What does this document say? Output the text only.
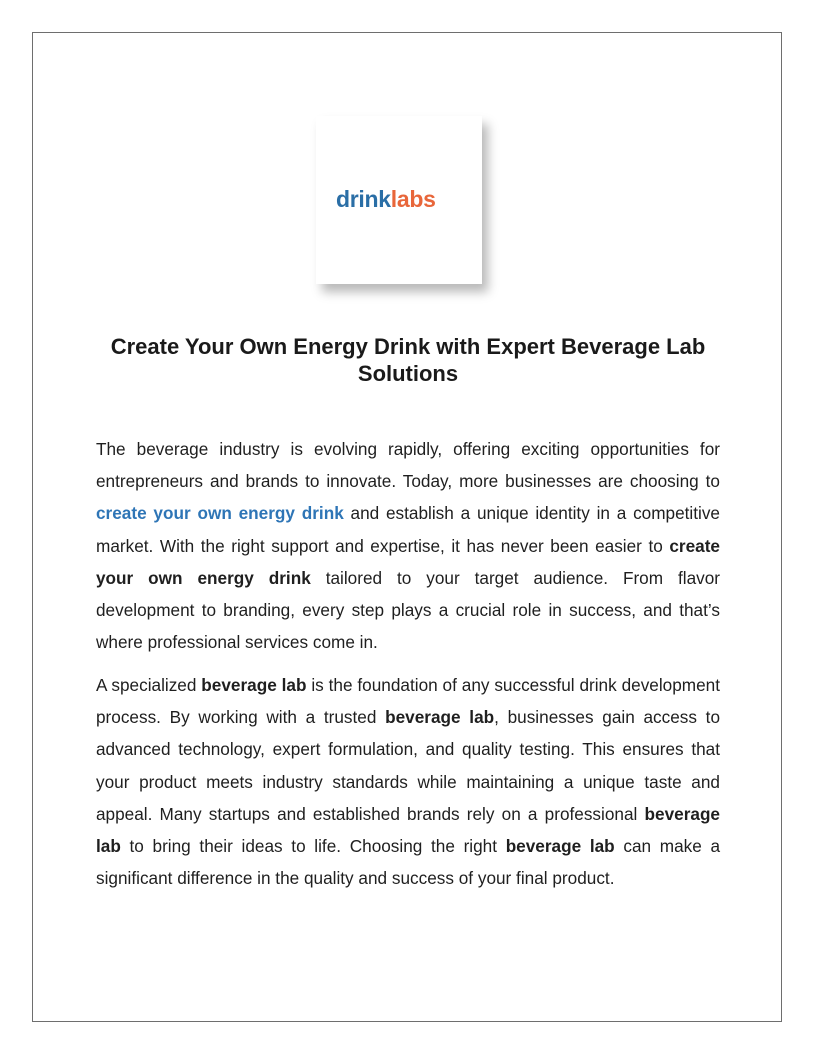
drinklabs
Create Your Own Energy Drink with Expert Beverage Lab Solutions

The beverage industry is evolving rapidly, offering exciting opportunities for entrepreneurs and brands to innovate. Today, more businesses are choosing to create your own energy drink and establish a unique identity in a competitive market. With the right support and expertise, it has never been easier to create your own energy drink tailored to your target audience. From flavor development to branding, every step plays a crucial role in success, and that’s where professional services come in.

A specialized beverage lab is the foundation of any successful drink development process. By working with a trusted beverage lab, businesses gain access to advanced technology, expert formulation, and quality testing. This ensures that your product meets industry standards while maintaining a unique taste and appeal. Many startups and established brands rely on a professional beverage lab to bring their ideas to life. Choosing the right beverage lab can make a significant difference in the quality and success of your final product.
